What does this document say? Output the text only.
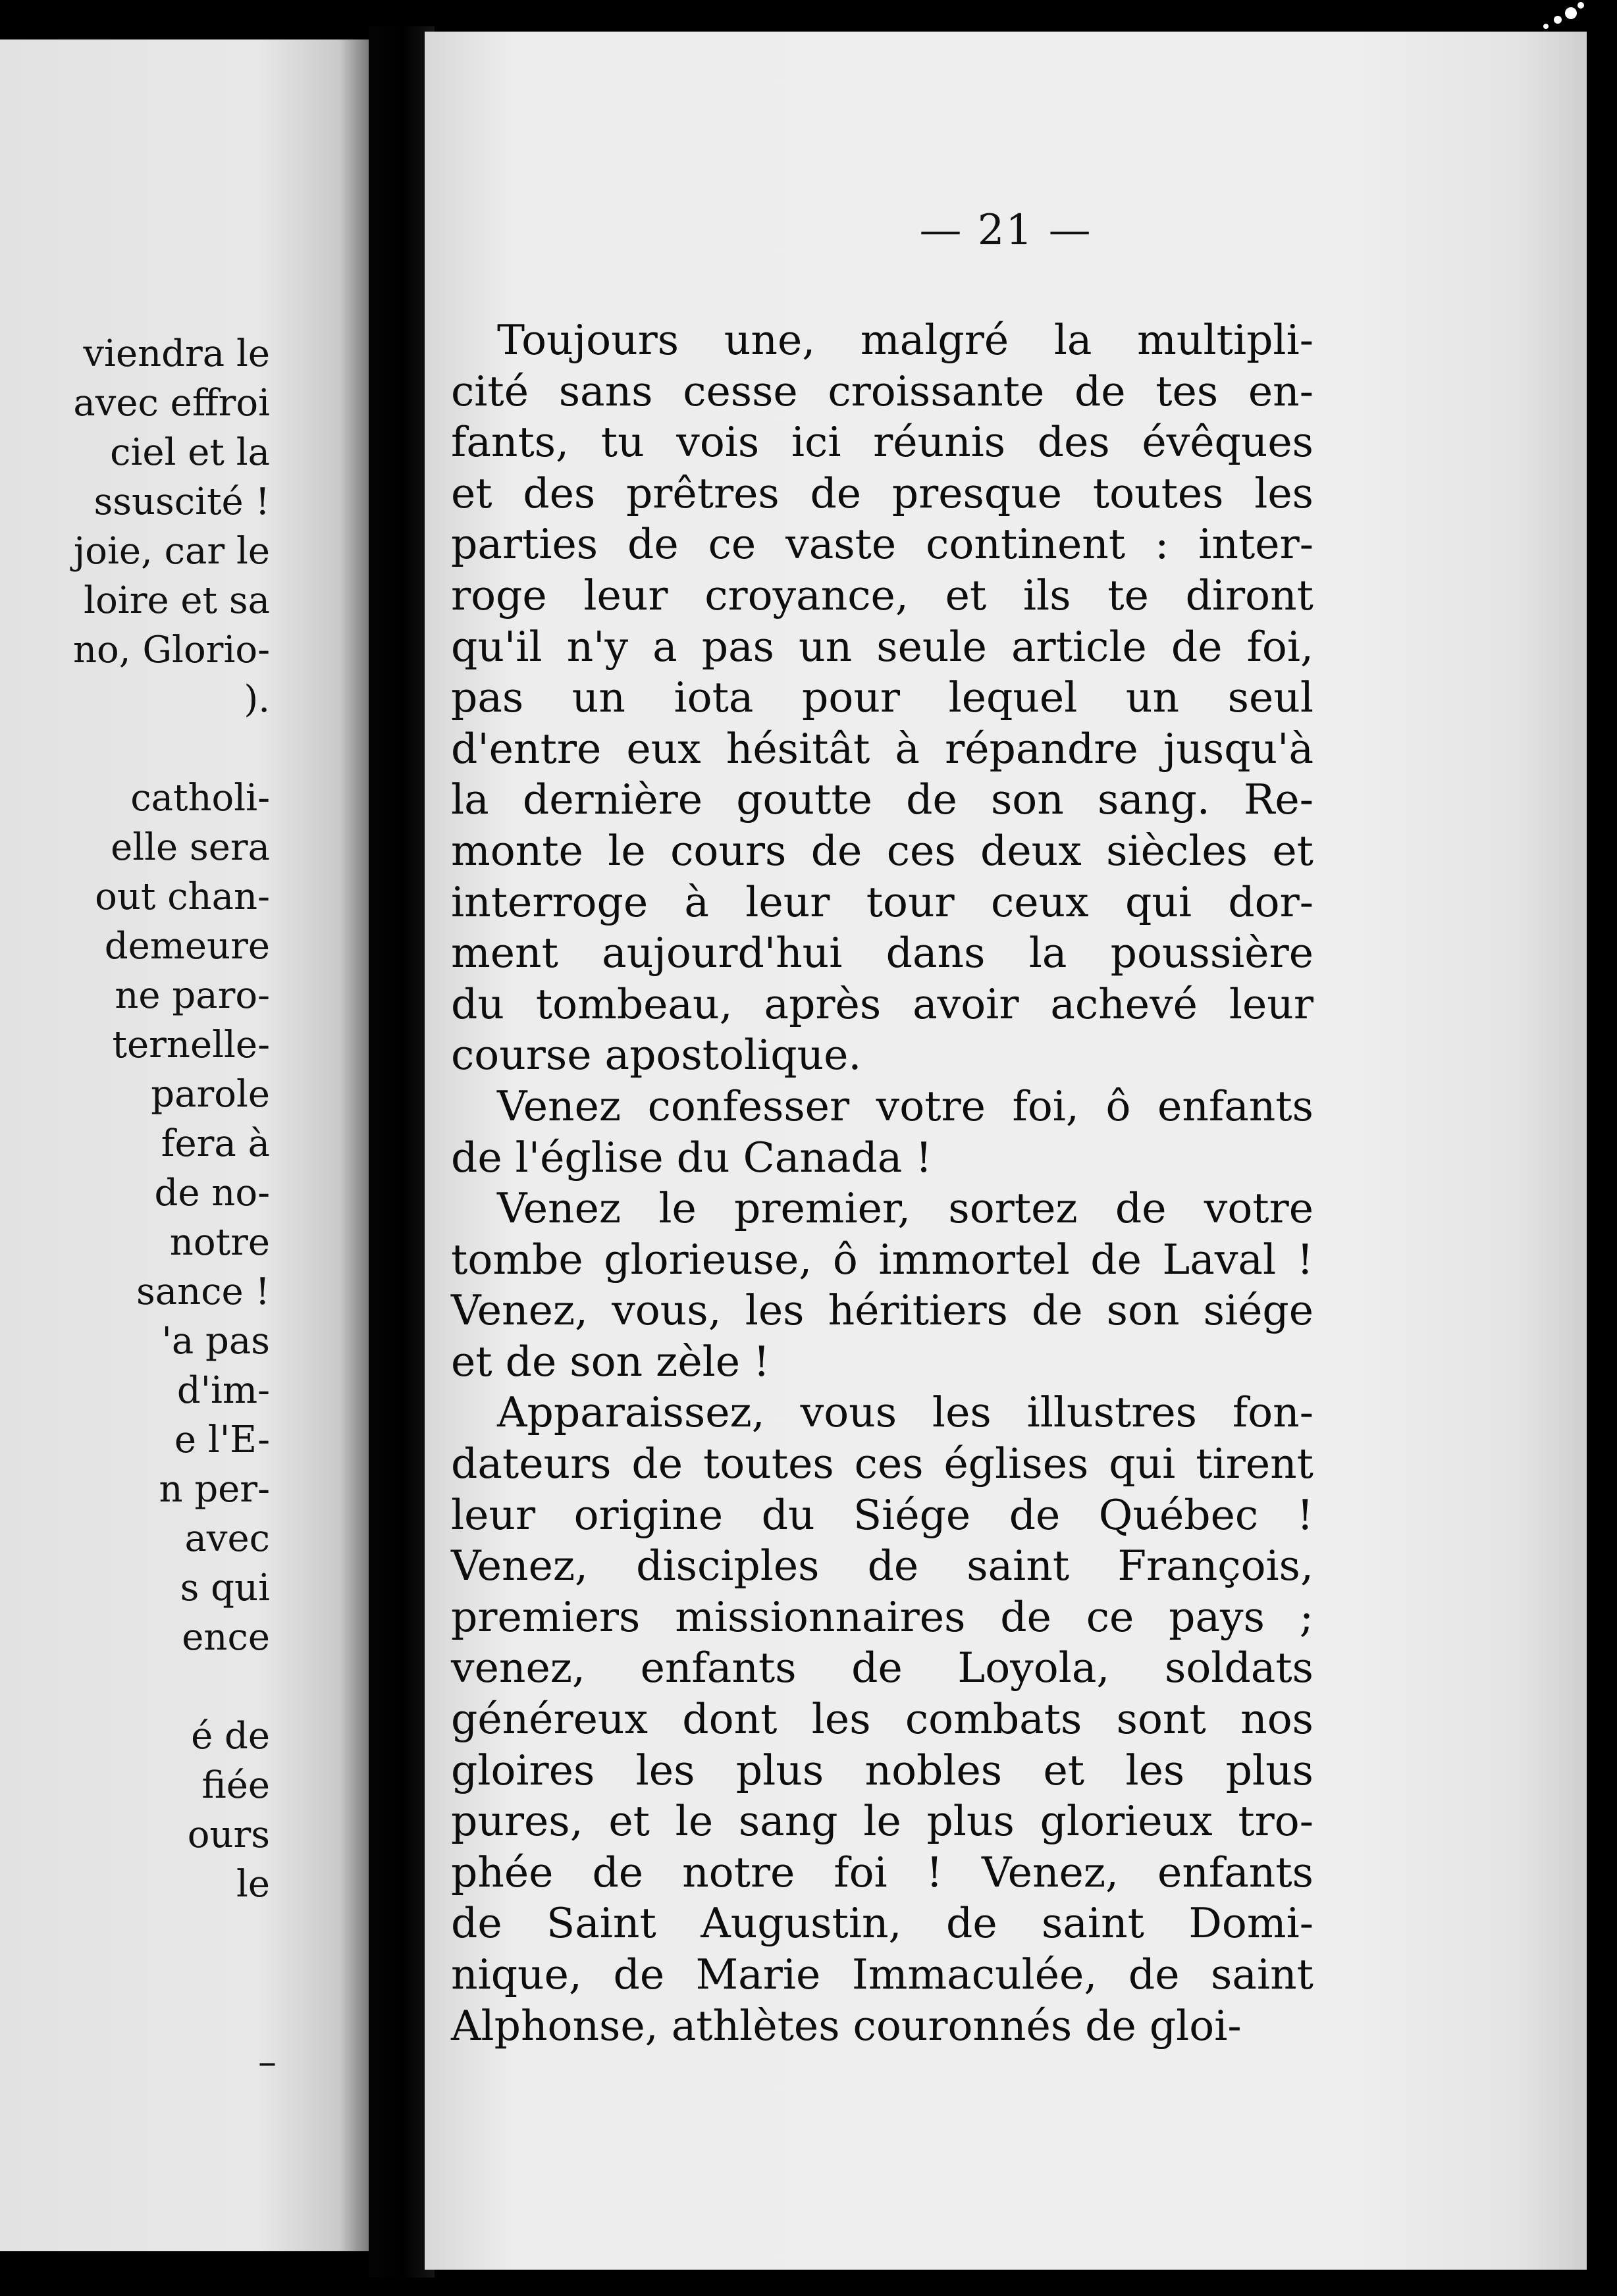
viendra le
avec effroi
ciel et la
ssuscité !
joie, car le
loire et sa
no, Glorio-
).
catholi-
elle sera
out chan-
demeure
ne paro-
ternelle-
parole
fera à
de no-
notre
sance !
'a pas
d'im-
e l'E-
n per-
avec
s qui
ence
é de
fiée
ours
le
–
— 21 —
Toujours une, malgré la multipli-
cité sans cesse croissante de tes en-
fants, tu vois ici réunis des évêques
et des prêtres de presque toutes les
parties de ce vaste continent : inter-
roge leur croyance, et ils te diront
qu'il n'y a pas un seule article de foi,
pas un iota pour lequel un seul
d'entre eux hésitât à répandre jusqu'à
la dernière goutte de son sang. Re-
monte le cours de ces deux siècles et
interroge à leur tour ceux qui dor-
ment aujourd'hui dans la poussière
du tombeau, après avoir achevé leur
course apostolique.
Venez confesser votre foi, ô enfants
de l'église du Canada !
Venez le premier, sortez de votre
tombe glorieuse, ô immortel de Laval !
Venez, vous, les héritiers de son siége
et de son zèle !
Apparaissez, vous les illustres fon-
dateurs de toutes ces églises qui tirent
leur origine du Siége de Québec !
Venez, disciples de saint François,
premiers missionnaires de ce pays ;
venez, enfants de Loyola, soldats
généreux dont les combats sont nos
gloires les plus nobles et les plus
pures, et le sang le plus glorieux tro-
phée de notre foi ! Venez, enfants
de Saint Augustin, de saint Domi-
nique, de Marie Immaculée, de saint
Alphonse, athlètes couronnés de gloi-
